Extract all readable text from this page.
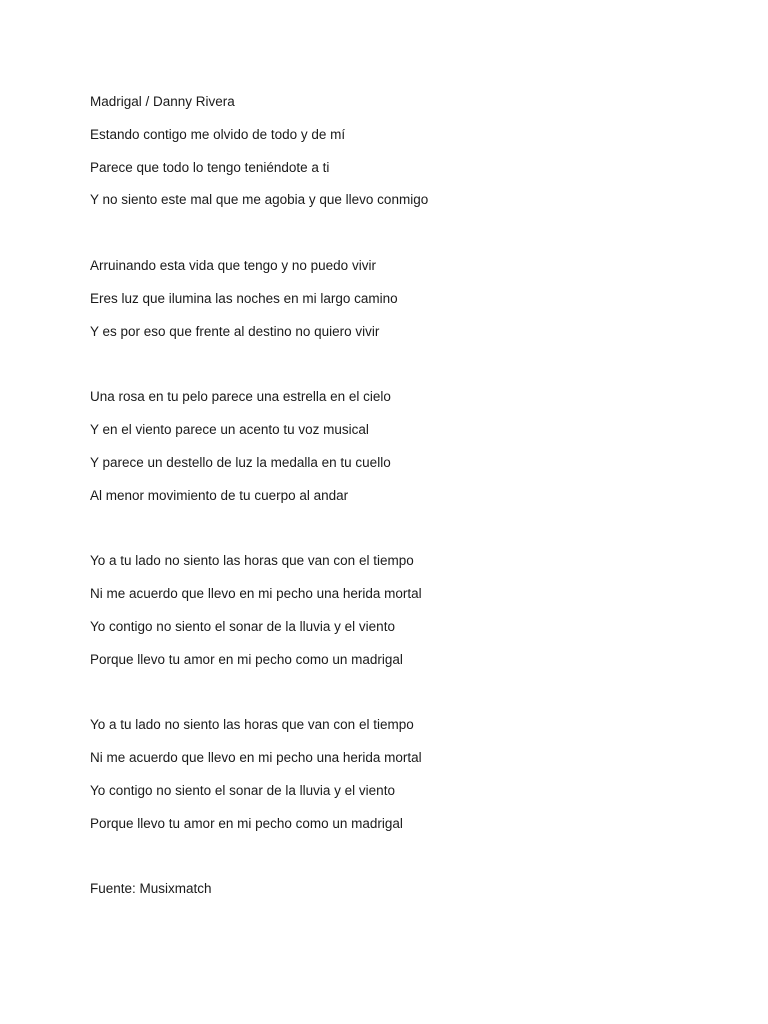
Madrigal / Danny Rivera
Estando contigo me olvido de todo y de mí
Parece que todo lo tengo teniéndote a ti
Y no siento este mal que me agobia y que llevo conmigo
Arruinando esta vida que tengo y no puedo vivir
Eres luz que ilumina las noches en mi largo camino
Y es por eso que frente al destino no quiero vivir
Una rosa en tu pelo parece una estrella en el cielo
Y en el viento parece un acento tu voz musical
Y parece un destello de luz la medalla en tu cuello
Al menor movimiento de tu cuerpo al andar
Yo a tu lado no siento las horas que van con el tiempo
Ni me acuerdo que llevo en mi pecho una herida mortal
Yo contigo no siento el sonar de la lluvia y el viento
Porque llevo tu amor en mi pecho como un madrigal
Yo a tu lado no siento las horas que van con el tiempo
Ni me acuerdo que llevo en mi pecho una herida mortal
Yo contigo no siento el sonar de la lluvia y el viento
Porque llevo tu amor en mi pecho como un madrigal
Fuente: Musixmatch
